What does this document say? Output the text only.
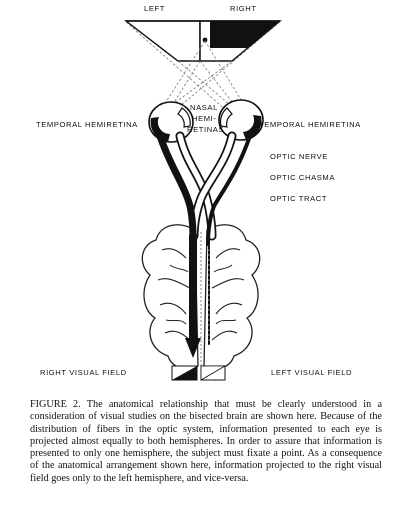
LEFT	RIGHT
TEMPORAL HEMIRETINA	TEMPORAL HEMIRETINA
NASAL
HEMI-
RETINAS
OPTIC NERVE
OPTIC CHASMA
OPTIC TRACT
RIGHT VISUAL FIELD	LEFT VISUAL FIELD
FIGURE 2. The anatomical relationship that must be clearly understood in a consideration of visual studies on the bisected brain are shown here. Because of the distribution of fibers in the optic system, information presented to each eye is projected almost equally to both hemispheres. In order to assure that information is presented to only one hemisphere, the subject must fixate a point. As a consequence of the anatomical arrangement shown here, information projected to the right visual field goes only to the left hemisphere, and vice-versa.
